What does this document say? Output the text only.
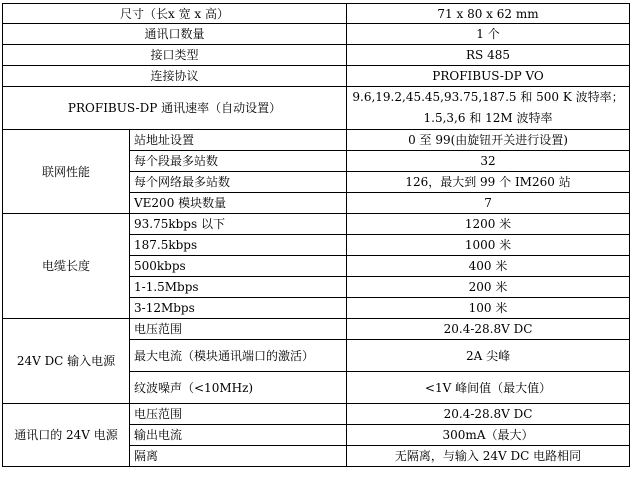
尺寸（长x 宽 x 高）		71 x 80 x 62 mm
通讯口数量		1 个
接口类型		RS 485
连接协议		PROFIBUS-DP VO
PROFIBUS-DP 通讯速率（自动设置）		9.6,19.2,45.45,93.75,187.5 和 500 K 波特率；
1.5,3,6 和 12M 波特率

联网性能	站地址设置	0 至 99(由旋钮开关进行设置)
	每个段最多站数	32
	每个网络最多站数	126，最大到 99 个 IM260 站
	VE200 模块数量	7
电缆长度	93.75kbps 以下	1200 米
	187.5kbps	1000 米
	500kbps	400 米
	1-1.5Mbps	200 米
	3-12Mbps	100 米
24V DC 输入电源	电压范围	20.4-28.8V DC
	最大电流（模块通讯端口的激活）	2A 尖峰
	纹波噪声（<10MHz)	<1V 峰间值（最大值）
通讯口的 24V 电源	电压范围	20.4-28.8V DC
	输出电流	300mA（最大）
	隔离	无隔离，与输入 24V DC 电路相同
